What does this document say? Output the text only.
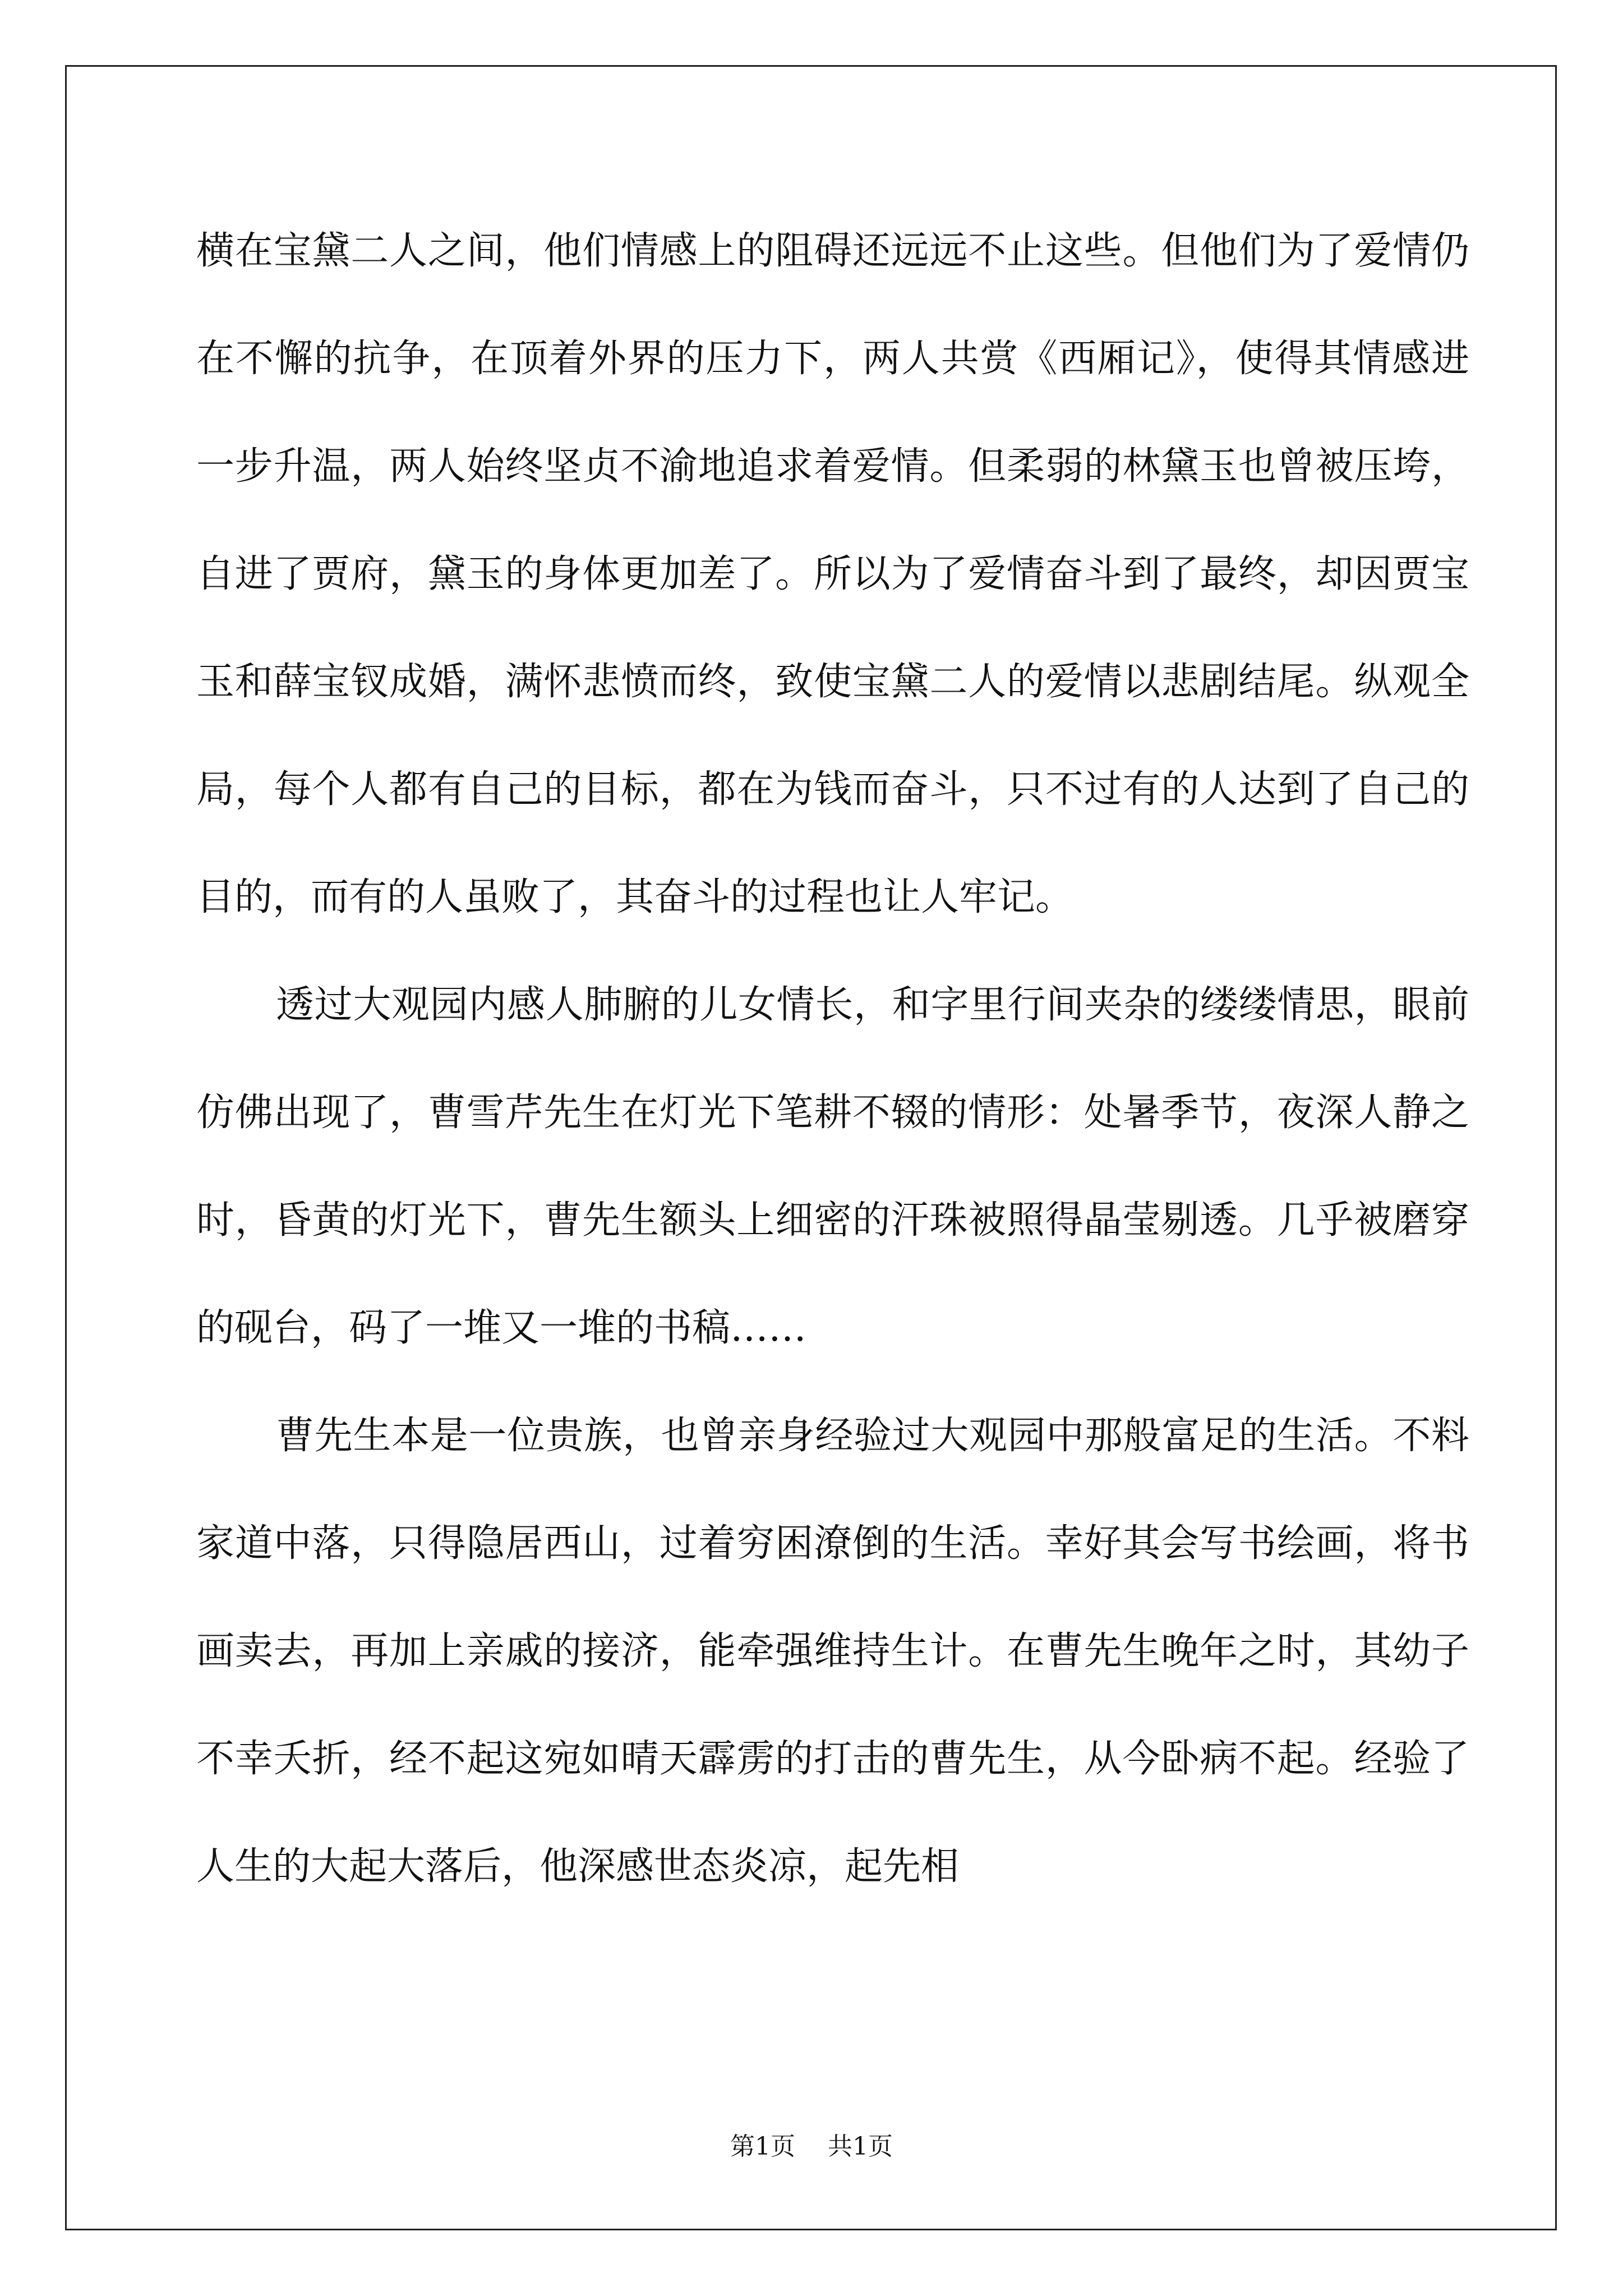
横在宝黛二人之间，他们情感上的阻碍还远远不止这些。但他们为了爱情仍在不懈的抗争，在顶着外界的压力下，两人共赏《西厢记》，使得其情感进一步升温，两人始终坚贞不渝地追求着爱情。但柔弱的林黛玉也曾被压垮，自进了贾府，黛玉的身体更加差了。所以为了爱情奋斗到了最终，却因贾宝玉和薛宝钗成婚，满怀悲愤而终，致使宝黛二人的爱情以悲剧结尾。纵观全局，每个人都有自己的目标，都在为钱而奋斗，只不过有的人达到了自己的目的，而有的人虽败了，其奋斗的过程也让人牢记。

透过大观园内感人肺腑的儿女情长，和字里行间夹杂的缕缕情思，眼前仿佛出现了，曹雪芹先生在灯光下笔耕不辍的情形：处暑季节，夜深人静之时，昏黄的灯光下，曹先生额头上细密的汗珠被照得晶莹剔透。几乎被磨穿的砚台，码了一堆又一堆的书稿……

曹先生本是一位贵族，也曾亲身经验过大观园中那般富足的生活。不料家道中落，只得隐居西山，过着穷困潦倒的生活。幸好其会写书绘画，将书画卖去，再加上亲戚的接济，能牵强维持生计。在曹先生晚年之时，其幼子不幸夭折，经不起这宛如晴天霹雳的打击的曹先生，从今卧病不起。经验了人生的大起大落后，他深感世态炎凉，起先相

第1页 共1页
